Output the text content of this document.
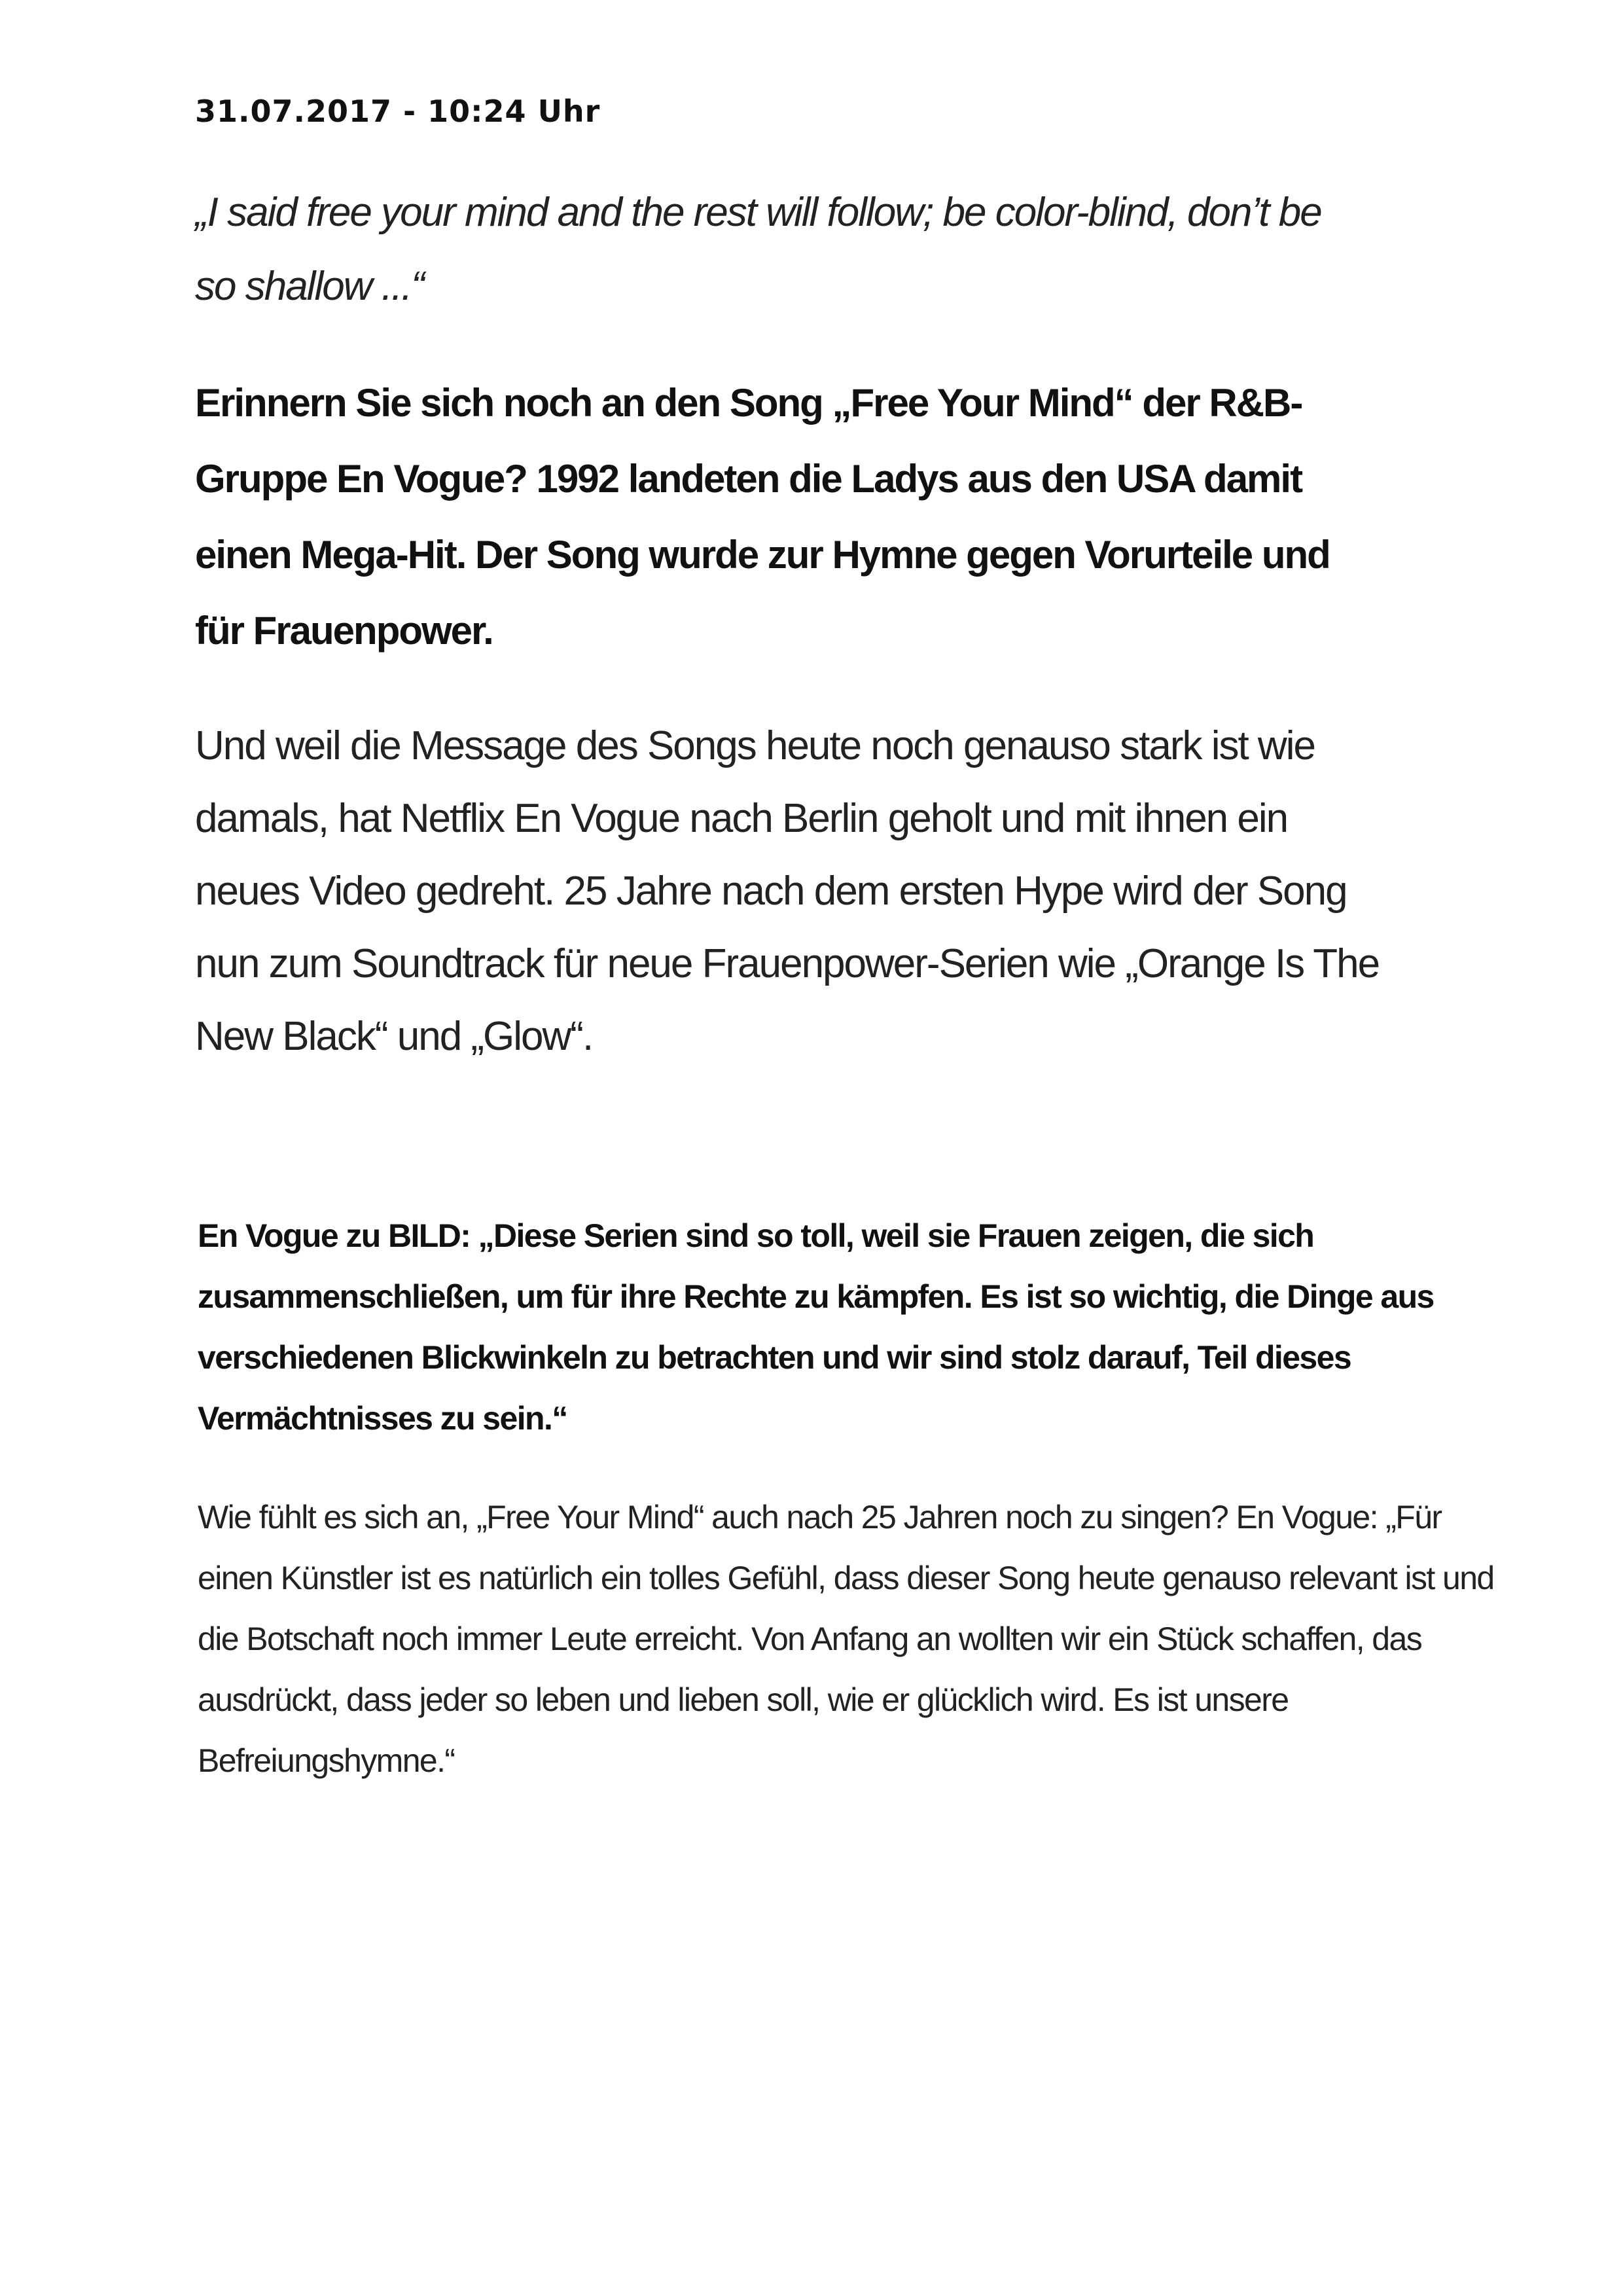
31.07.2017 - 10:24 Uhr
„I said free your mind and the rest will follow; be color-blind, don’t be
so shallow ...“
Erinnern Sie sich noch an den Song „Free Your Mind“ der R&B-
Gruppe En Vogue? 1992 landeten die Ladys aus den USA damit
einen Mega-Hit. Der Song wurde zur Hymne gegen Vorurteile und
für Frauenpower.
Und weil die Message des Songs heute noch genauso stark ist wie
damals, hat Netflix En Vogue nach Berlin geholt und mit ihnen ein
neues Video gedreht. 25 Jahre nach dem ersten Hype wird der Song
nun zum Soundtrack für neue Frauenpower-Serien wie „Orange Is The
New Black“ und „Glow“.
En Vogue zu BILD: „Diese Serien sind so toll, weil sie Frauen zeigen, die sich
zusammenschließen, um für ihre Rechte zu kämpfen. Es ist so wichtig, die Dinge aus
verschiedenen Blickwinkeln zu betrachten und wir sind stolz darauf, Teil dieses
Vermächtnisses zu sein.“
Wie fühlt es sich an, „Free Your Mind“ auch nach 25 Jahren noch zu singen? En Vogue: „Für
einen Künstler ist es natürlich ein tolles Gefühl, dass dieser Song heute genauso relevant ist und
die Botschaft noch immer Leute erreicht. Von Anfang an wollten wir ein Stück schaffen, das
ausdrückt, dass jeder so leben und lieben soll, wie er glücklich wird. Es ist unsere
Befreiungshymne.“
